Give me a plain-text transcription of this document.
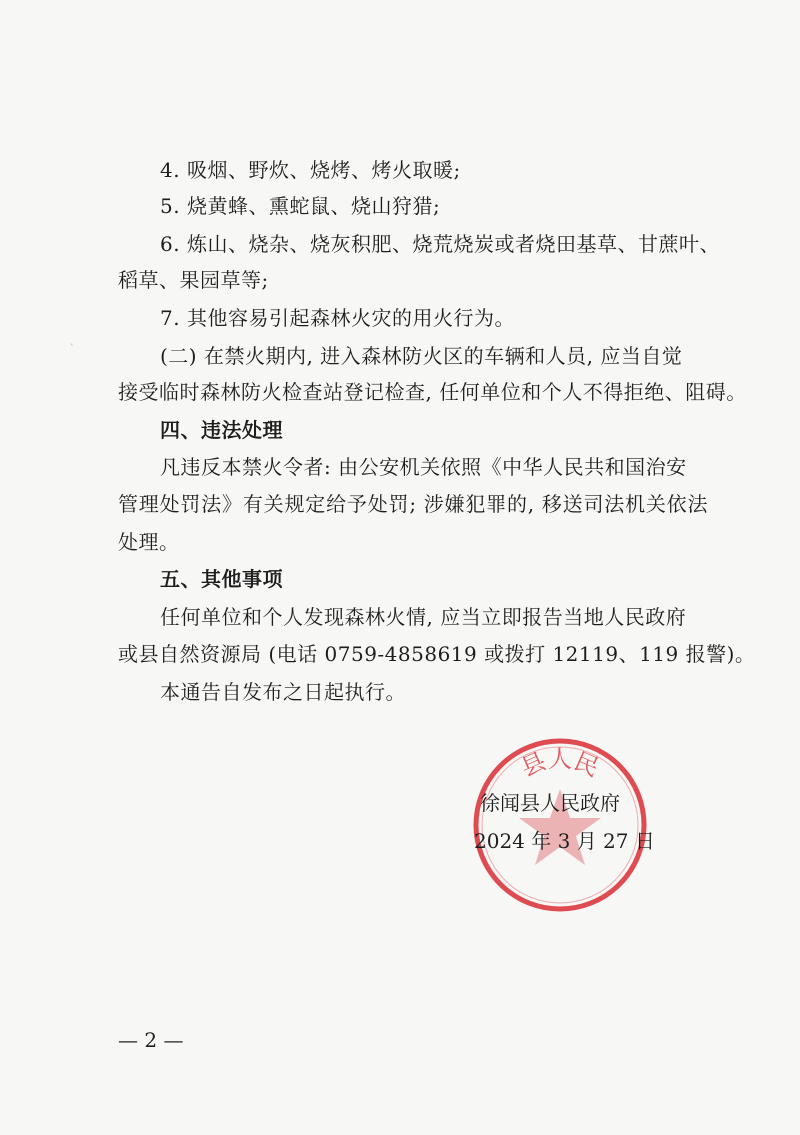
‵
4. 吸烟、野炊、烧烤、烤火取暖;
5. 烧黄蜂、熏蛇鼠、烧山狩猎;
6. 炼山、烧杂、烧灰积肥、烧荒烧炭或者烧田基草、甘蔗叶、
稻草、果园草等;
7. 其他容易引起森林火灾的用火行为。
(二) 在禁火期内, 进入森林防火区的车辆和人员, 应当自觉
接受临时森林防火检查站登记检查, 任何单位和个人不得拒绝、阻碍。
四、违法处理
凡违反本禁火令者: 由公安机关依照《中华人民共和国治安
管理处罚法》有关规定给予处罚; 涉嫌犯罪的, 移送司法机关依法
处理。
五、其他事项
任何单位和个人发现森林火情, 应当立即报告当地人民政府
或县自然资源局 (电话 0759-4858619 或拨打 12119、119 报警)。
本通告自发布之日起执行。
县人民
徐闻县人民政府
2024 年 3 月 27 日
— 2 —
